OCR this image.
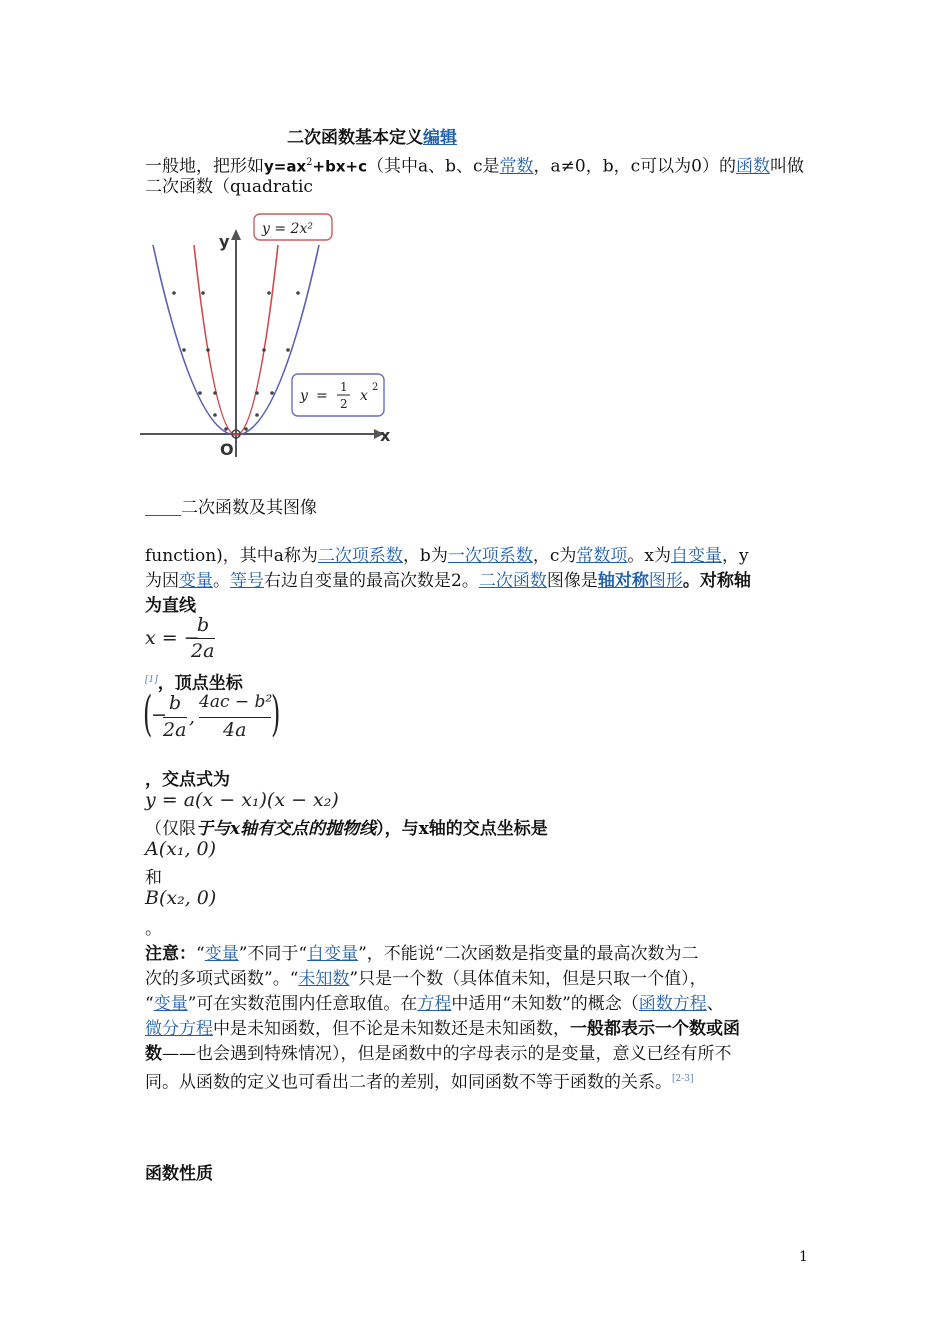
二次函数基本定义编辑
一般地，把形如$y=ax^2+bx+c$（其中a、b、c是常数，a≠0，b，c可以为0）的函数叫做
二次函数（quadratic
y
x
O
y = 2x²
y =
1
2 x
2
二次函数及其图像
function)，其中a称为二次项系数，b为一次项系数，c为常数项。x为自变量，y
为因变量。等号右边自变量的最高次数是2。二次函数图像是轴对称图形。对称轴
为直线
x = −
b
2a
[1]，顶点坐标
(
−
b
2a
,
4ac − b²
4a )
，交点式为
y = a(x − x₁)(x − x₂)
（仅限于与x轴有交点的抛物线），与x轴的交点坐标是
A(x₁, 0)
和
B(x₂, 0)
。
注意：“变量”不同于“自变量”，不能说“二次函数是指变量的最高次数为二
次的多项式函数”。“未知数”只是一个数（具体值未知，但是只取一个值），
“变量”可在实数范围内任意取值。在方程中适用“未知数”的概念（函数方程、
微分方程中是未知函数，但不论是未知数还是未知函数，一般都表示一个数或函
数——也会遇到特殊情况），但是函数中的字母表示的是变量，意义已经有所不
同。从函数的定义也可看出二者的差别，如同函数不等于函数的关系。[2-3]
函数性质
1
